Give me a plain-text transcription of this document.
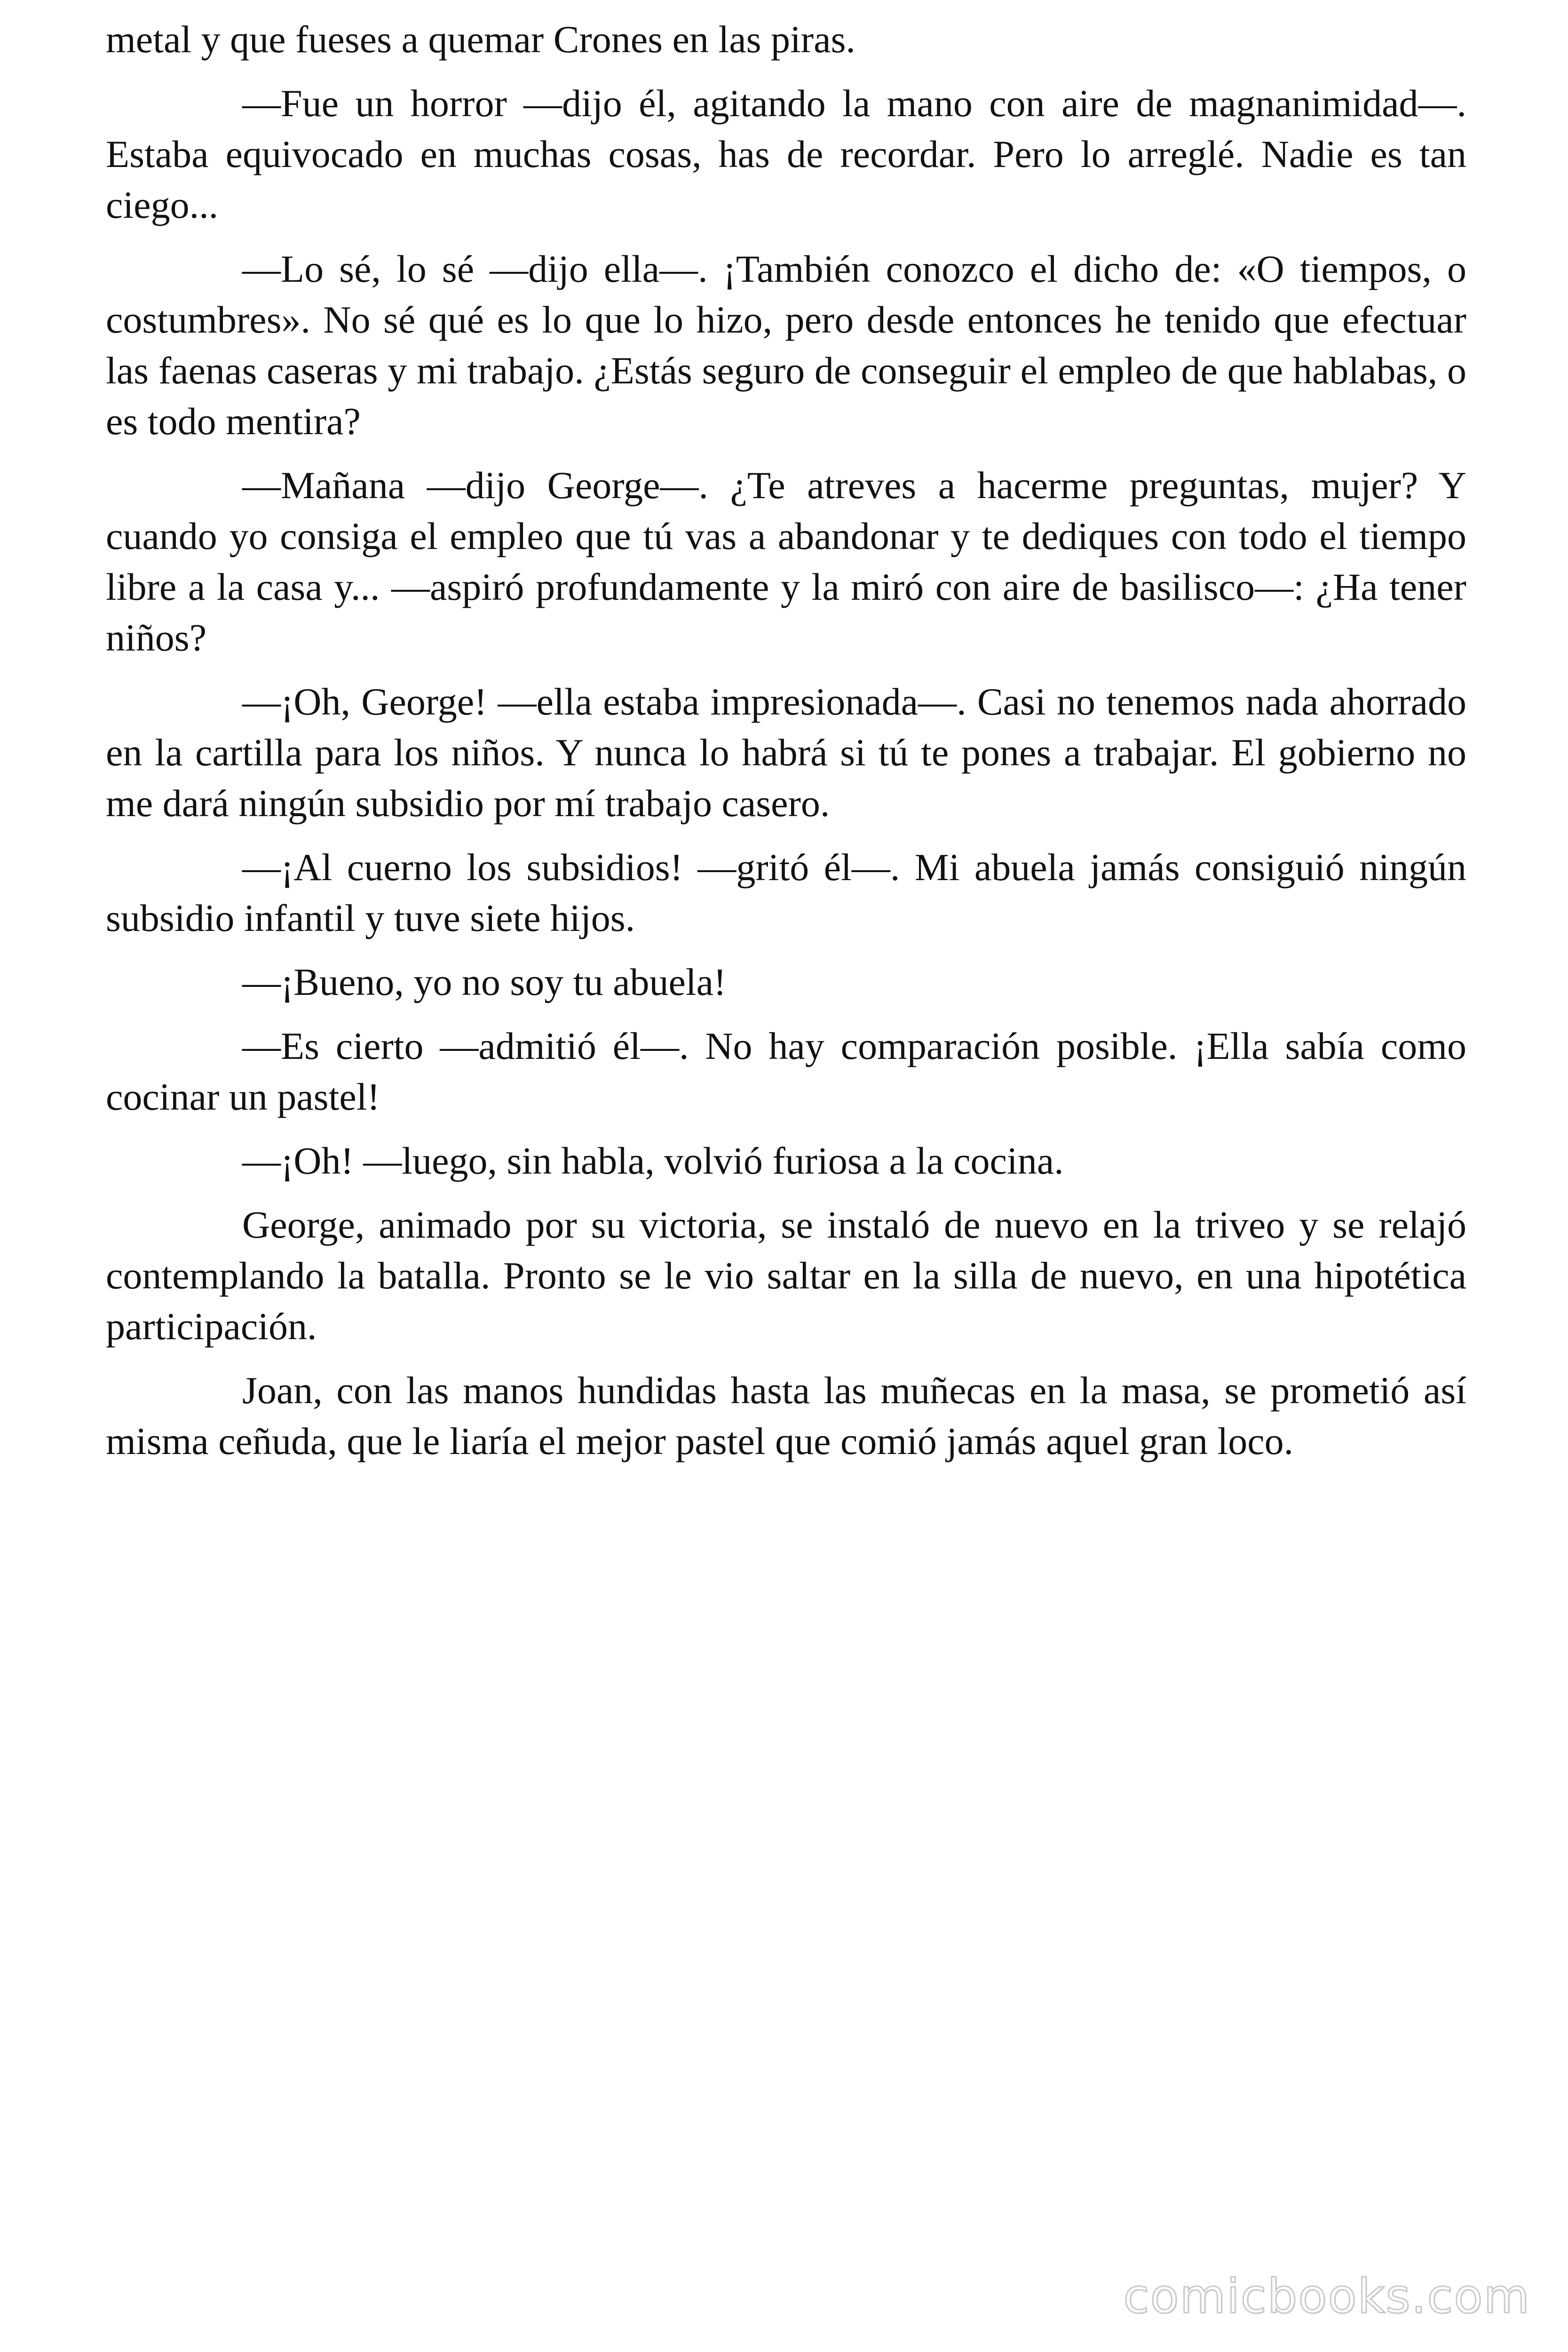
metal y que fueses a quemar Crones en las piras.

—Fue un horror —dijo él, agitando la mano con aire de magnanimidad—. Estaba equivocado en muchas cosas, has de recordar. Pero lo arreglé. Nadie es tan ciego...

—Lo sé, lo sé —dijo ella—. ¡También conozco el dicho de: «O tiempos, o costumbres». No sé qué es lo que lo hizo, pero desde entonces he tenido que efectuar las faenas caseras y mi trabajo. ¿Estás seguro de conseguir el empleo de que hablabas, o es todo mentira?

—Mañana —dijo George—. ¿Te atreves a hacerme preguntas, mujer? Y cuando yo consiga el empleo que tú vas a abandonar y te dediques con todo el tiempo libre a la casa y... —aspiró profundamente y la miró con aire de basilisco—: ¿Ha tener niños?

—¡Oh, George! —ella estaba impresionada—. Casi no tenemos nada ahorrado en la cartilla para los niños. Y nunca lo habrá si tú te pones a trabajar. El gobierno no me dará ningún subsidio por mí trabajo casero.

—¡Al cuerno los subsidios! —gritó él—. Mi abuela jamás consiguió ningún subsidio infantil y tuve siete hijos.

—¡Bueno, yo no soy tu abuela!

—Es cierto —admitió él—. No hay comparación posible. ¡Ella sabía como cocinar un pastel!

—¡Oh! —luego, sin habla, volvió furiosa a la cocina.

George, animado por su victoria, se instaló de nuevo en la triveo y se relajó contemplando la batalla. Pronto se le vio saltar en la silla de nuevo, en una hipotética participación.

Joan, con las manos hundidas hasta las muñecas en la masa, se prometió así misma ceñuda, que le liaría el mejor pastel que comió jamás aquel gran loco.

comicbooks.com
